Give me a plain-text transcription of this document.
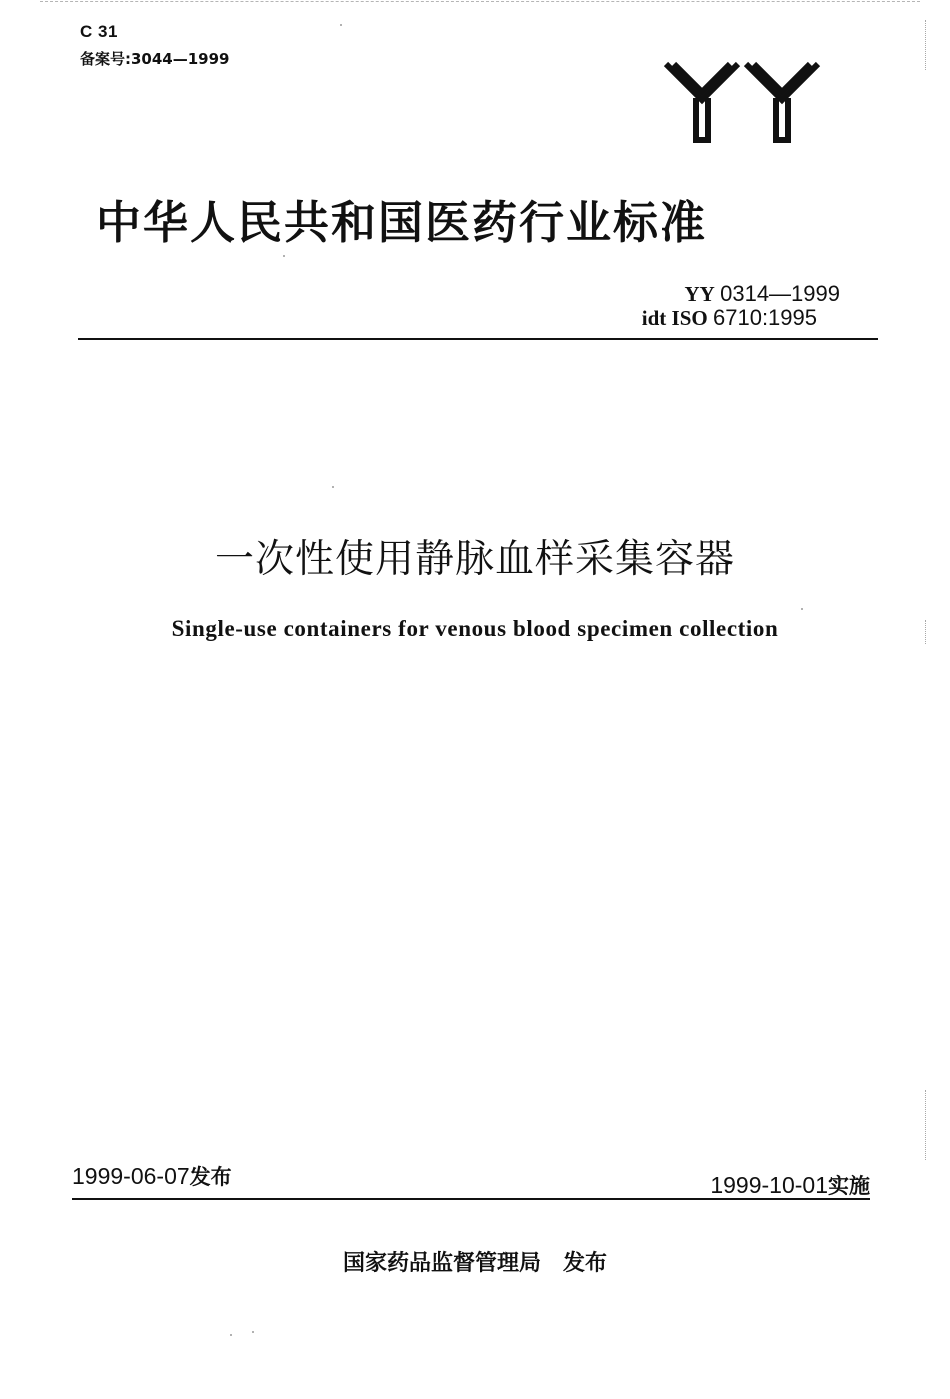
C 31
备案号:3044—1999
中华人民共和国医药行业标准
YY 0314—1999
idt ISO 6710:1995
一次性使用静脉血样采集容器
Single-use containers for venous blood specimen collection
1999-06-07发布	1999-10-01实施
国家药品监督管理局 发布
